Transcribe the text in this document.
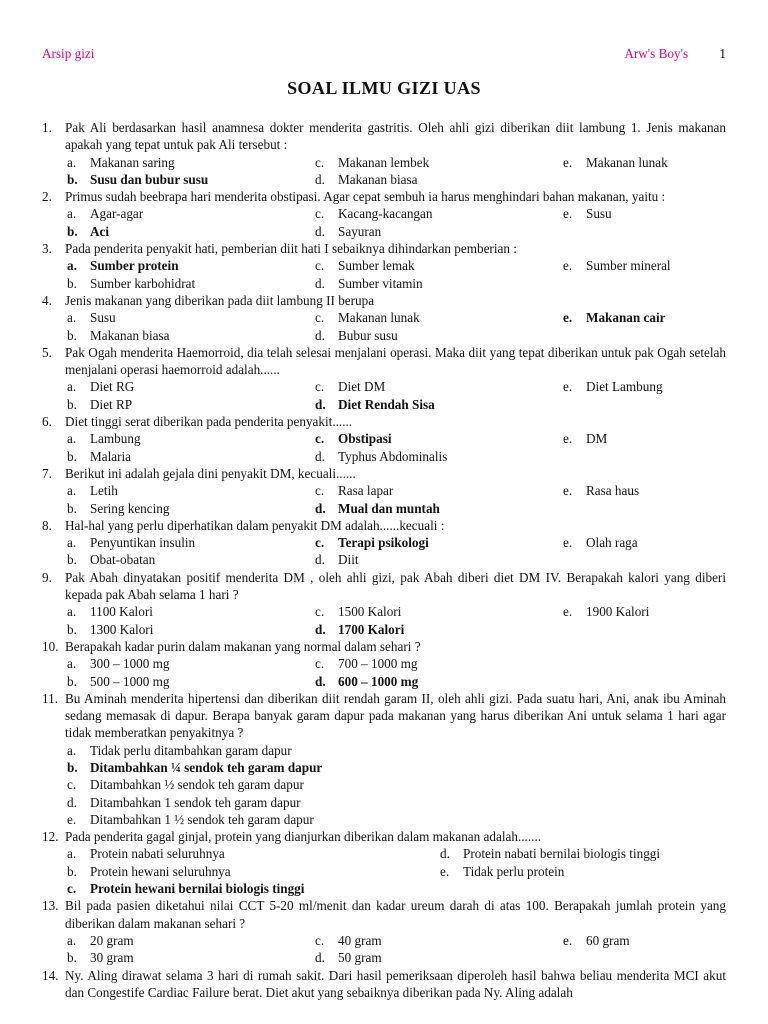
Arsip gizi	Arw's Boy's 1
SOAL ILMU GIZI UAS
1. Pak Ali berdasarkan hasil anamnesa dokter menderita gastritis. Oleh ahli gizi diberikan diit lambung 1. Jenis makanan apakah yang tepat untuk pak Ali tersebut :
a. Makanan saring	c. Makanan lembek	e. Makanan lunak
b. Susu dan bubur susu	d. Makanan biasa
2. Primus sudah beebrapa hari menderita obstipasi. Agar cepat sembuh ia harus menghindari bahan makanan, yaitu :
a. Agar-agar	c. Kacang-kacangan	e. Susu
b. Aci	d. Sayuran
3. Pada penderita penyakit hati, pemberian diit hati I sebaiknya dihindarkan pemberian :
a. Sumber protein	c. Sumber lemak	e. Sumber mineral
b. Sumber karbohidrat	d. Sumber vitamin
4. Jenis makanan yang diberikan pada diit lambung II berupa
a. Susu	c. Makanan lunak	e. Makanan cair
b. Makanan biasa	d. Bubur susu
5. Pak Ogah menderita Haemorroid, dia telah selesai menjalani operasi. Maka diit yang tepat diberikan untuk pak Ogah setelah menjalani operasi haemorroid adalah......
a. Diet RG	c. Diet DM	e. Diet Lambung
b. Diet RP	d. Diet Rendah Sisa
6. Diet tinggi serat diberikan pada penderita penyakit......
a. Lambung	c. Obstipasi	e. DM
b. Malaria	d. Typhus Abdominalis
7. Berikut ini adalah gejala dini penyakit DM, kecuali......
a. Letih	c. Rasa lapar	e. Rasa haus
b. Sering kencing	d. Mual dan muntah
8. Hal-hal yang perlu diperhatikan dalam penyakit DM adalah......kecuali :
a. Penyuntikan insulin	c. Terapi psikologi	e. Olah raga
b. Obat-obatan	d. Diit
9. Pak Abah dinyatakan positif menderita DM , oleh ahli gizi, pak Abah diberi diet DM IV. Berapakah kalori yang diberi kepada pak Abah selama 1 hari ?
a. 1100 Kalori	c. 1500 Kalori	e. 1900 Kalori
b. 1300 Kalori	d. 1700 Kalori
10. Berapakah kadar purin dalam makanan yang normal dalam sehari ?
a. 300 – 1000 mg	c. 700 – 1000 mg
b. 500 – 1000 mg	d. 600 – 1000 mg
11. Bu Aminah menderita hipertensi dan diberikan diit rendah garam II, oleh ahli gizi. Pada suatu hari, Ani, anak ibu Aminah sedang memasak di dapur. Berapa banyak garam dapur pada makanan yang harus diberikan Ani untuk selama 1 hari agar tidak memberatkan penyakitnya ?
a. Tidak perlu ditambahkan garam dapur
b. Ditambahkan ¼ sendok teh garam dapur
c. Ditambahkan ½ sendok teh garam dapur
d. Ditambahkan 1 sendok teh garam dapur
e. Ditambahkan 1 ½ sendok teh garam dapur
12. Pada penderita gagal ginjal, protein yang dianjurkan diberikan dalam makanan adalah.......
a. Protein nabati seluruhnya	d. Protein nabati bernilai biologis tinggi
b. Protein hewani seluruhnya	e. Tidak perlu protein
c. Protein hewani bernilai biologis tinggi
13. Bil pada pasien diketahui nilai CCT 5-20 ml/menit dan kadar ureum darah di atas 100. Berapakah jumlah protein yang diberikan dalam makanan sehari ?
a. 20 gram	c. 40 gram	e. 60 gram
b. 30 gram	d. 50 gram
14. Ny. Aling dirawat selama 3 hari di rumah sakit. Dari hasil pemeriksaan diperoleh hasil bahwa beliau menderita MCI akut dan Congestife Cardiac Failure berat. Diet akut yang sebaiknya diberikan pada Ny. Aling adalah
